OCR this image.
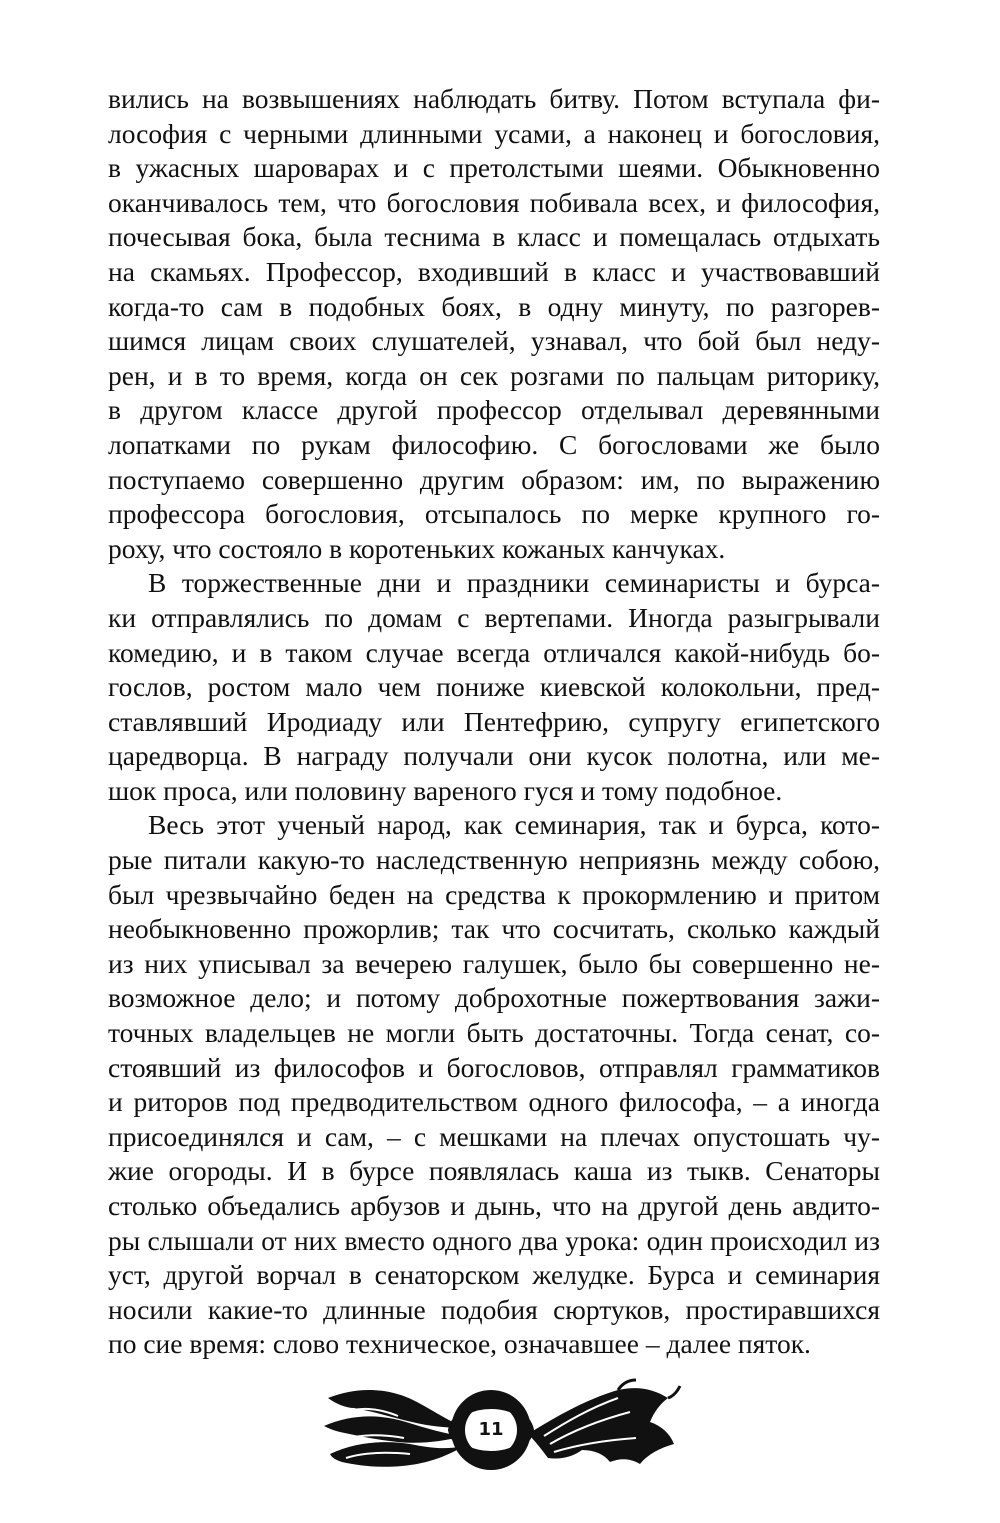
вились на возвышениях наблюдать битву. Потом вступала фи-
лософия с черными длинными усами, а наконец и богословия,
в ужасных шароварах и с претолстыми шеями. Обыкновенно
оканчивалось тем, что богословия побивала всех, и философия,
почесывая бока, была теснима в класс и помещалась отдыхать
на скамьях. Профессор, входивший в класс и участвовавший
когда-то сам в подобных боях, в одну минуту, по разгорев-
шимся лицам своих слушателей, узнавал, что бой был неду-
рен, и в то время, когда он сек розгами по пальцам риторику,
в другом классе другой профессор отделывал деревянными
лопатками по рукам философию. С богословами же было
поступаемо совершенно другим образом: им, по выражению
профессора богословия, отсыпалось по мерке крупного го-
роху, что состояло в коротеньких кожаных канчуках.
В торжественные дни и праздники семинаристы и бурса-
ки отправлялись по домам с вертепами. Иногда разыгрывали
комедию, и в таком случае всегда отличался какой-нибудь бо-
гослов, ростом мало чем пониже киевской колокольни, пред-
ставлявший Иродиаду или Пентефрию, супругу египетского
царедворца. В награду получали они кусок полотна, или ме-
шок проса, или половину вареного гуся и тому подобное.
Весь этот ученый народ, как семинария, так и бурса, кото-
рые питали какую-то наследственную неприязнь между собою,
был чрезвычайно беден на средства к прокормлению и притом
необыкновенно прожорлив; так что сосчитать, сколько каждый
из них уписывал за вечерею галушек, было бы совершенно не-
возможное дело; и потому доброхотные пожертвования зажи-
точных владельцев не могли быть достаточны. Тогда сенат, со-
стоявший из философов и богословов, отправлял грамматиков
и риторов под предводительством одного философа, – а иногда
присоединялся и сам, – с мешками на плечах опустошать чу-
жие огороды. И в бурсе появлялась каша из тыкв. Сенаторы
столько объедались арбузов и дынь, что на другой день авдито-
ры слышали от них вместо одного два урока: один происходил из
уст, другой ворчал в сенаторском желудке. Бурса и семинария
носили какие-то длинные подобия сюртуков, простиравшихся
по сие время: слово техническое, означавшее – далее пяток.
11
